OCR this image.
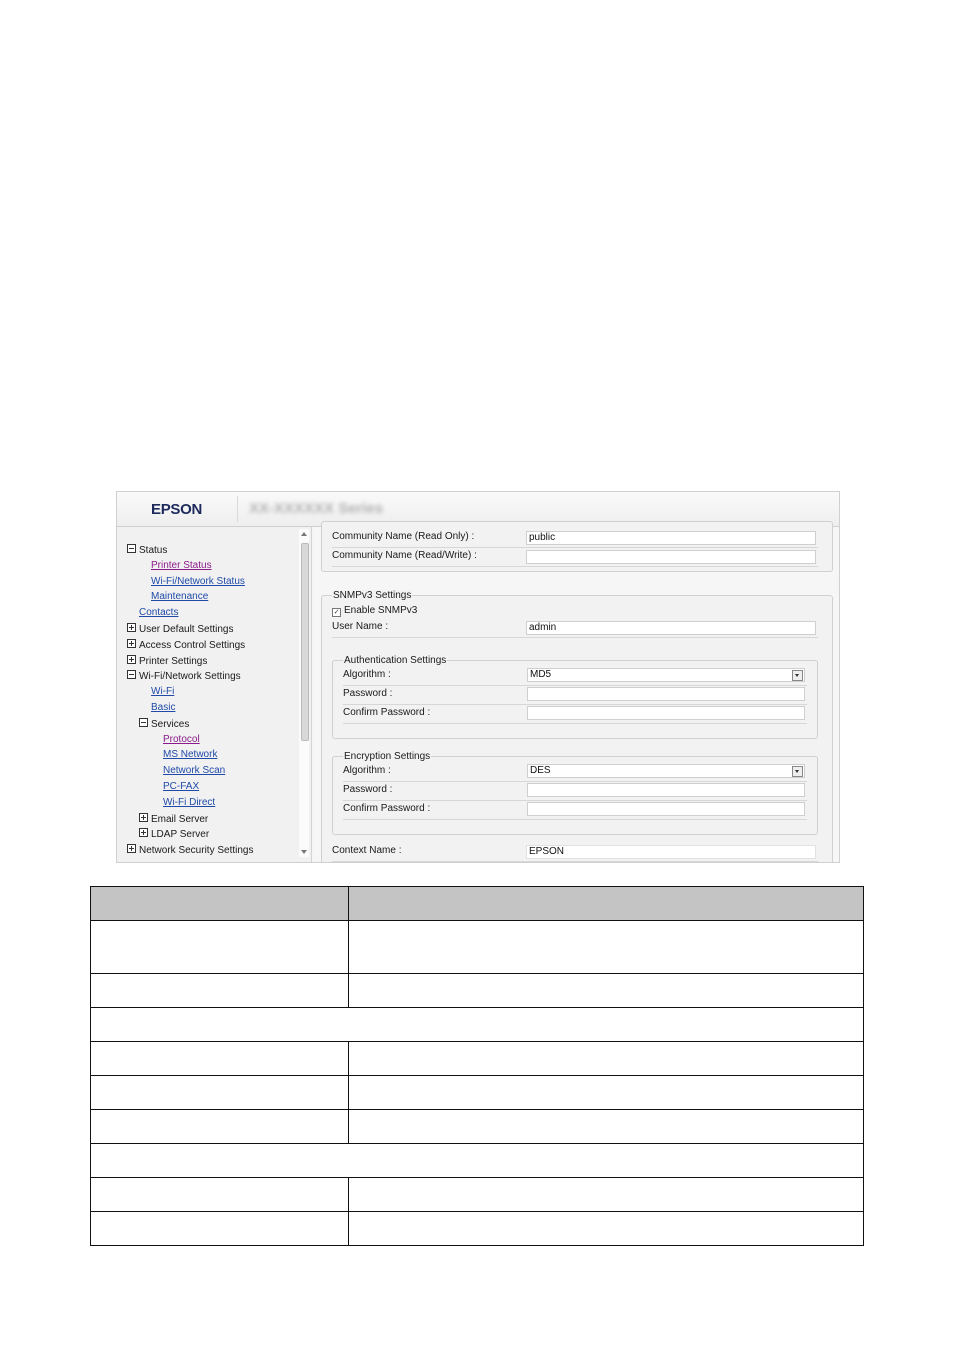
EPSON	XX-XXXXXX Series
Status
Printer Status
Wi-Fi/Network Status
Maintenance
Contacts
User Default Settings
Access Control Settings
Printer Settings
Wi-Fi/Network Settings
Wi-Fi
Basic
Services
Protocol
MS Network
Network Scan
PC-FAX
Wi-Fi Direct
Email Server
LDAP Server
Network Security Settings
Community Name (Read Only) :	public
Community Name (Read/Write) :
SNMPv3 Settings
✓ Enable SNMPv3
User Name :	admin
Authentication Settings
Algorithm :	MD5
Password :
Confirm Password :
Encryption Settings
Algorithm :	DES
Password :
Confirm Password :
Context Name :	EPSON
